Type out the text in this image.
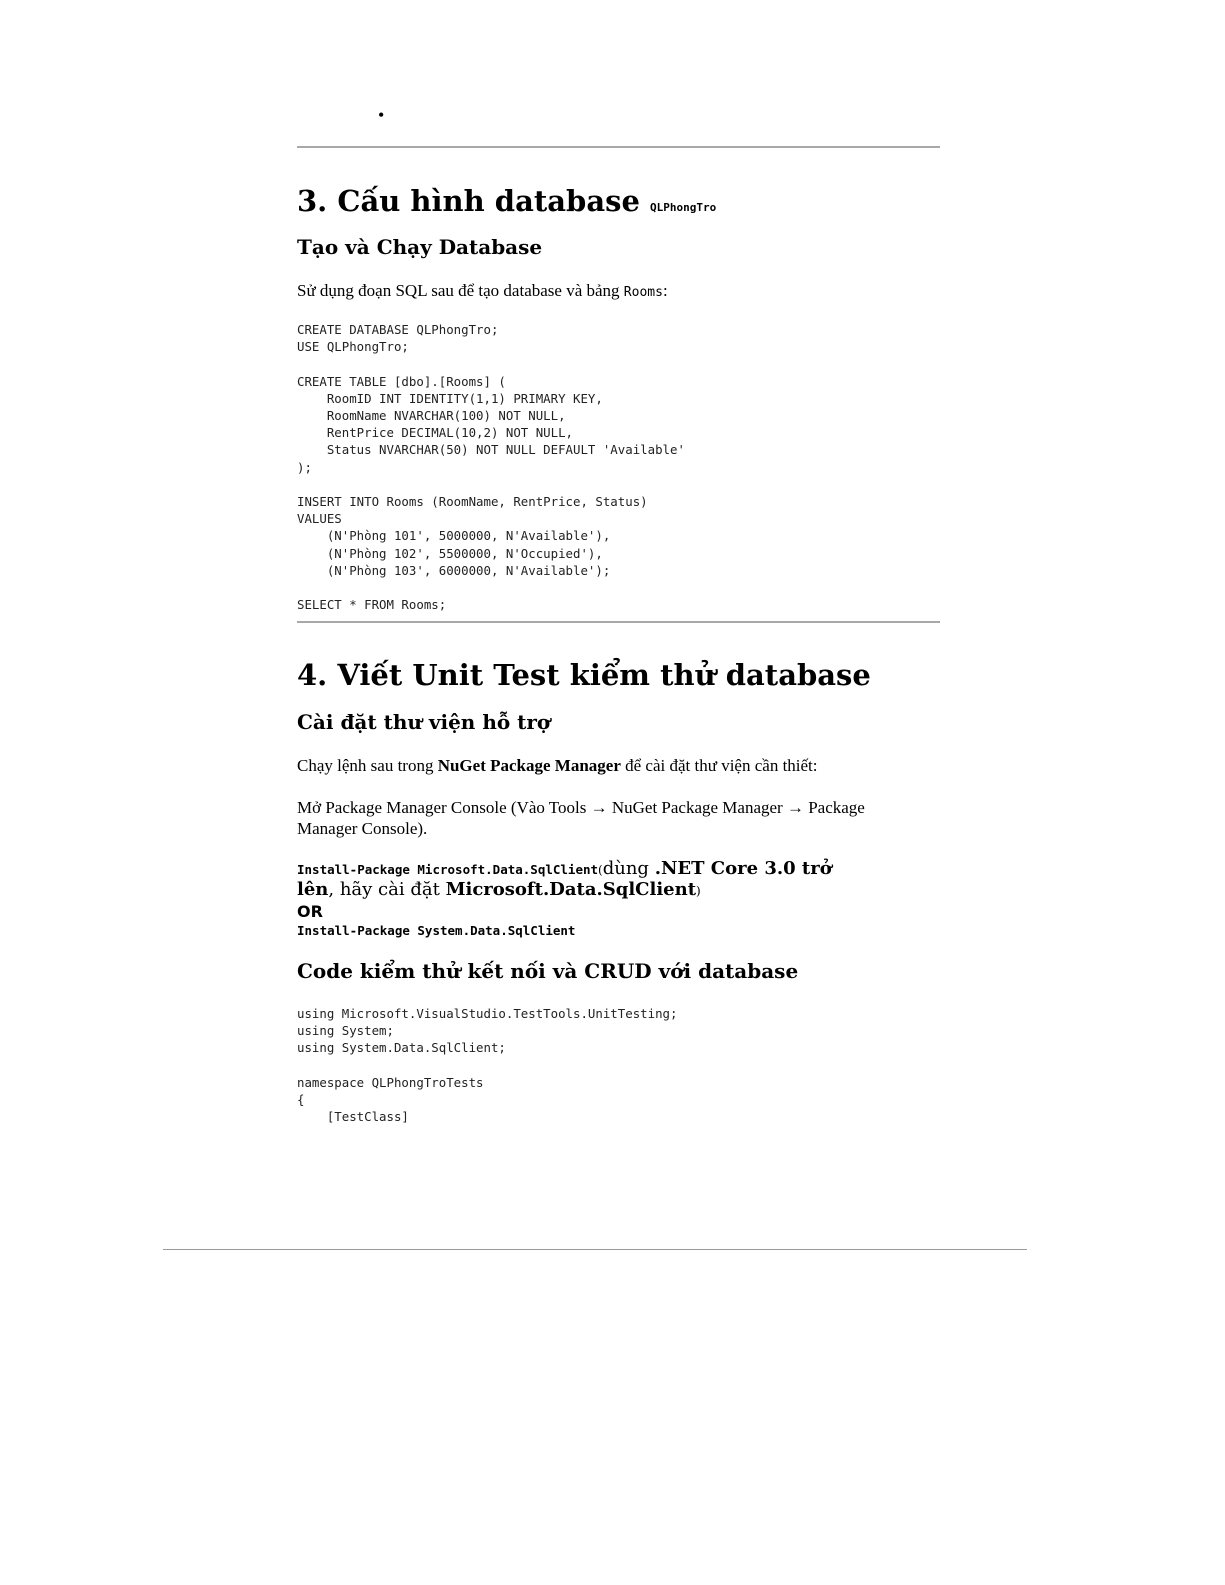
•
3. Cấu hình database QLPhongTro
Tạo và Chạy Database

Sử dụng đoạn SQL sau để tạo database và bảng Rooms:

CREATE DATABASE QLPhongTro;
USE QLPhongTro;

CREATE TABLE [dbo].[Rooms] (
RoomID INT IDENTITY(1,1) PRIMARY KEY,
RoomName NVARCHAR(100) NOT NULL,
RentPrice DECIMAL(10,2) NOT NULL,
Status NVARCHAR(50) NOT NULL DEFAULT 'Available'
);

INSERT INTO Rooms (RoomName, RentPrice, Status)
VALUES
(N'Phòng 101', 5000000, N'Available'),
(N'Phòng 102', 5500000, N'Occupied'),
(N'Phòng 103', 6000000, N'Available');

SELECT * FROM Rooms;
4. Viết Unit Test kiểm thử database
Cài đặt thư viện hỗ trợ

Chạy lệnh sau trong NuGet Package Manager để cài đặt thư viện cần thiết:

Mở Package Manager Console (Vào Tools → NuGet Package Manager → Package

Manager Console).

Install-Package Microsoft.Data.SqlClient(dùng .NET Core 3.0 trở
lên, hãy cài đặt Microsoft.Data.SqlClient)
OR
Install-Package System.Data.SqlClient
Code kiểm thử kết nối và CRUD với database
using Microsoft.VisualStudio.TestTools.UnitTesting;
using System;
using System.Data.SqlClient;

namespace QLPhongTroTests
{
[TestClass]
